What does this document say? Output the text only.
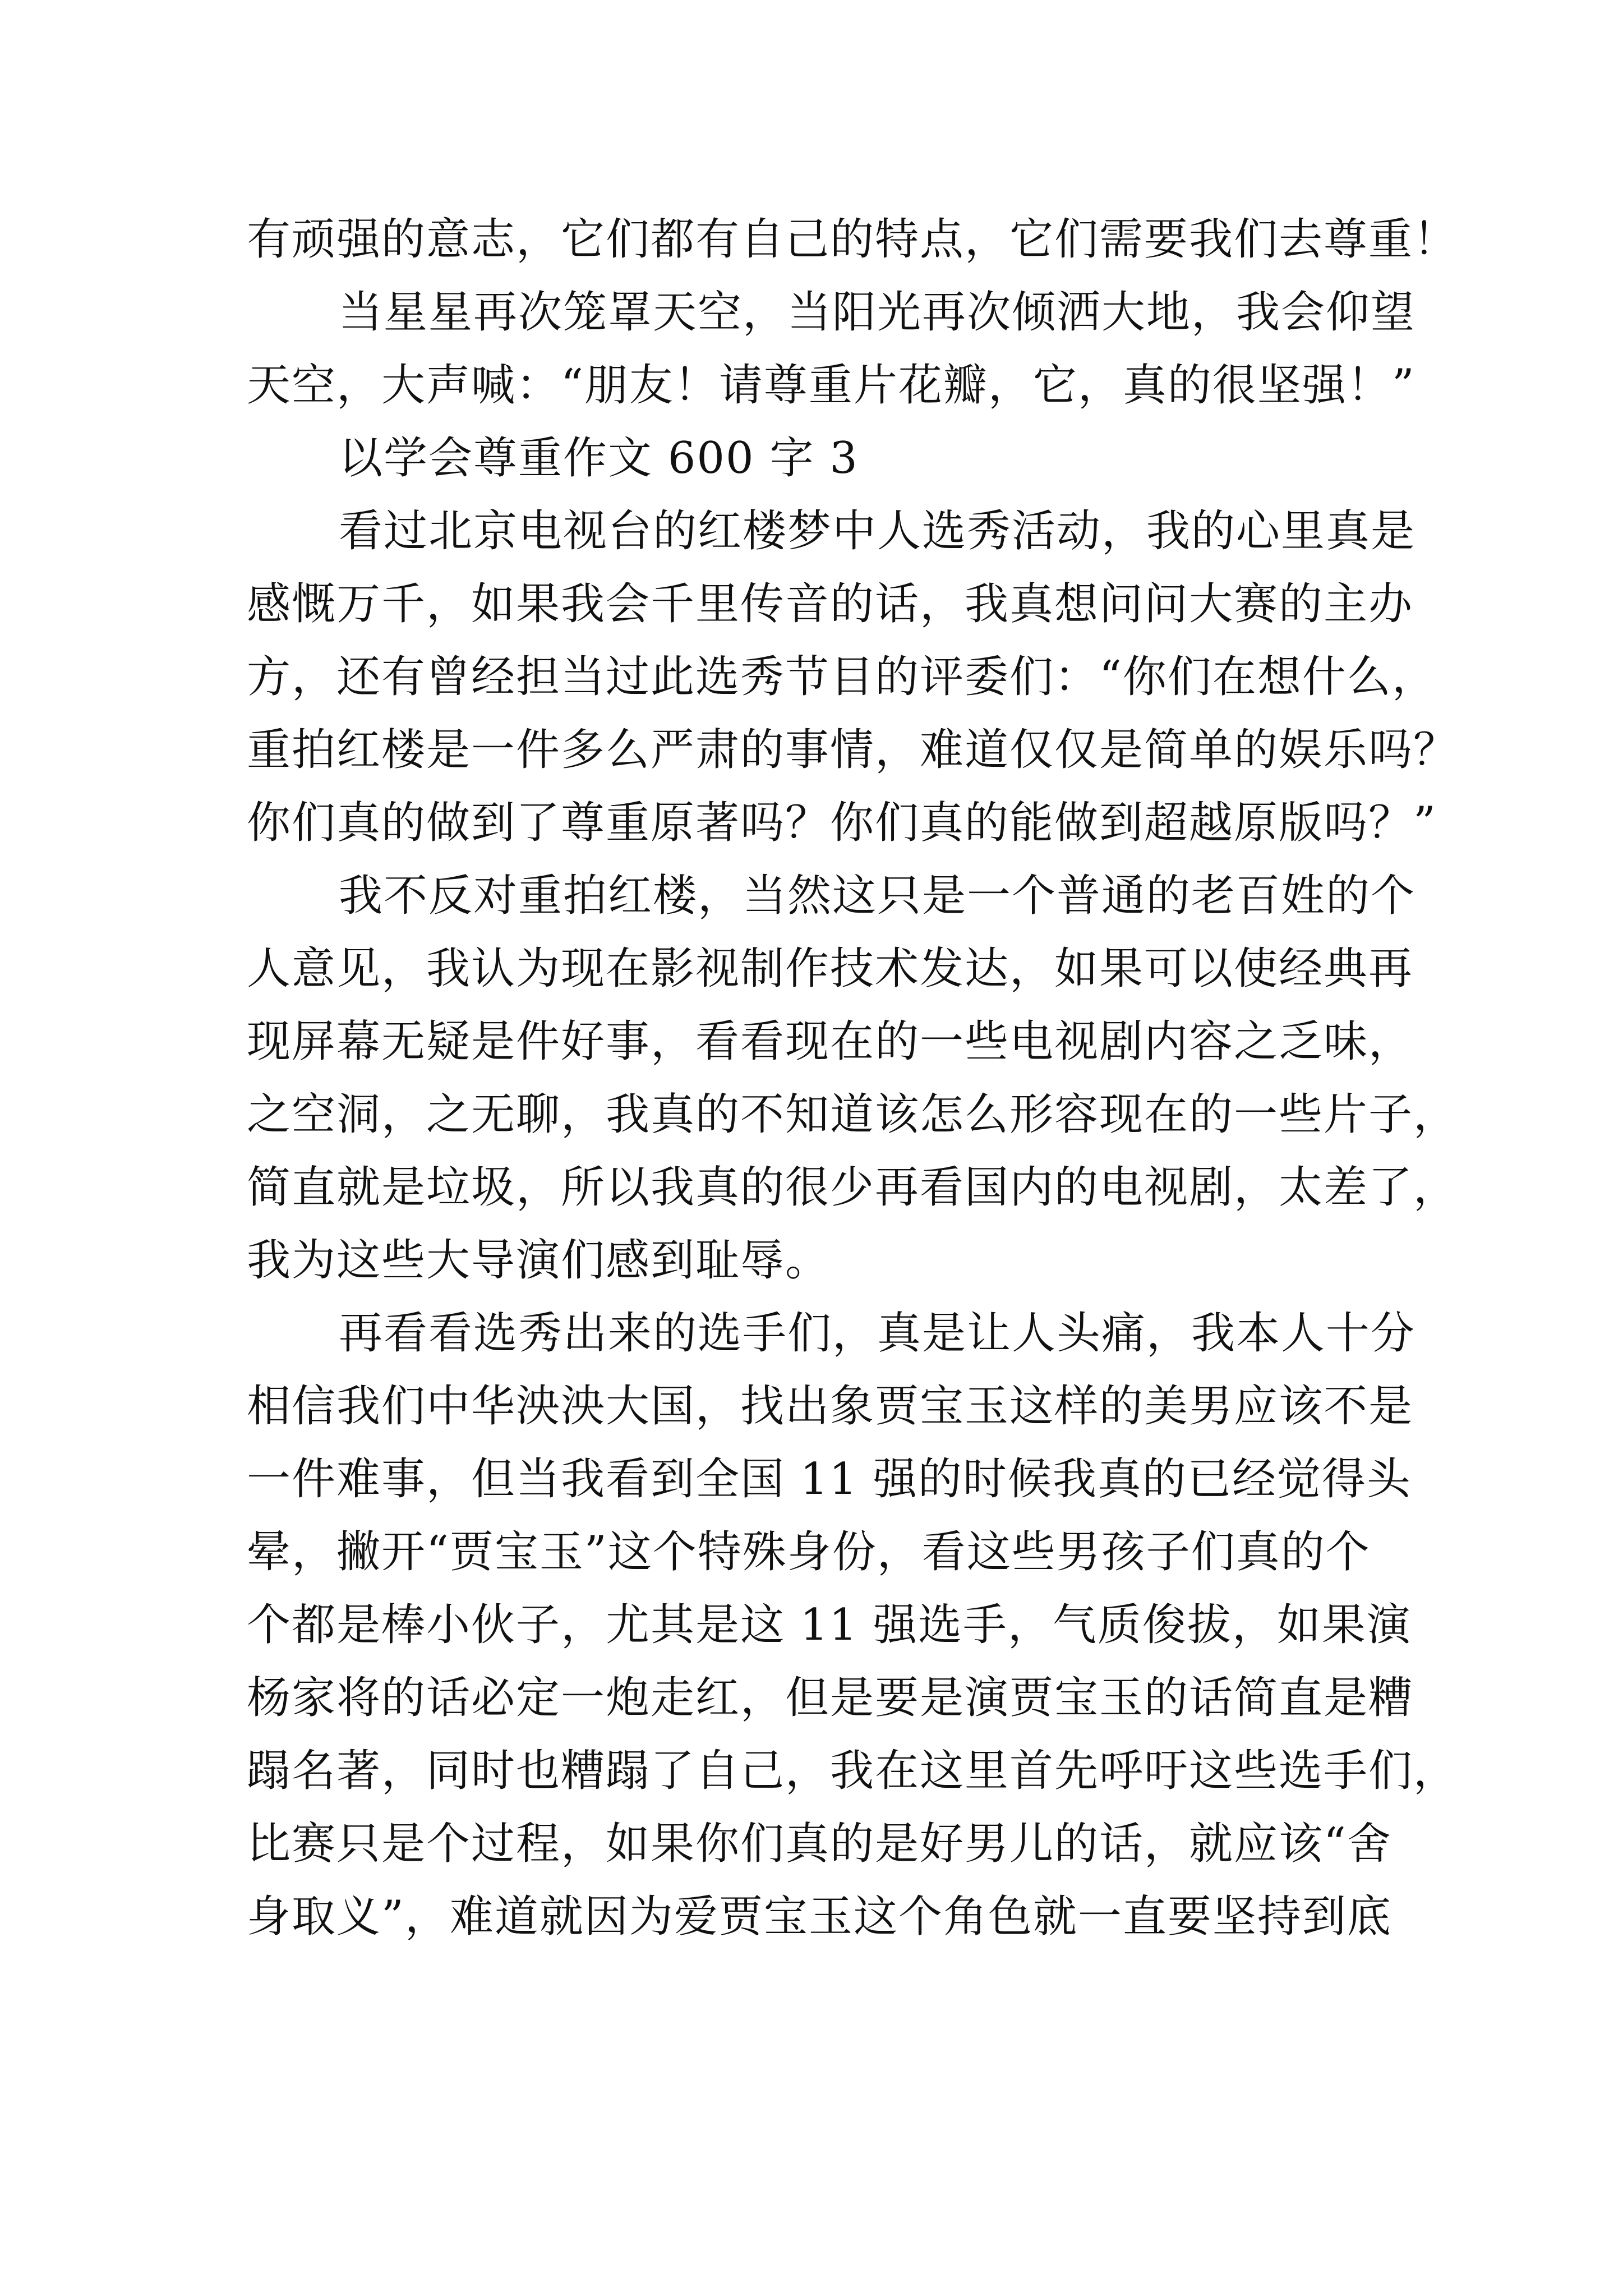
有顽强的意志，它们都有自己的特点，它们需要我们去尊重！
当星星再次笼罩天空，当阳光再次倾洒大地，我会仰望
天空，大声喊：“朋友！请尊重片花瓣，它，真的很坚强！”
以学会尊重作文 600 字 3
看过北京电视台的红楼梦中人选秀活动，我的心里真是
感慨万千，如果我会千里传音的话，我真想问问大赛的主办
方，还有曾经担当过此选秀节目的评委们：“你们在想什么，
重拍红楼是一件多么严肃的事情，难道仅仅是简单的娱乐吗？
你们真的做到了尊重原著吗？你们真的能做到超越原版吗？”
我不反对重拍红楼，当然这只是一个普通的老百姓的个
人意见，我认为现在影视制作技术发达，如果可以使经典再
现屏幕无疑是件好事，看看现在的一些电视剧内容之乏味，
之空洞，之无聊，我真的不知道该怎么形容现在的一些片子，
简直就是垃圾，所以我真的很少再看国内的电视剧，太差了，
我为这些大导演们感到耻辱。
再看看选秀出来的选手们，真是让人头痛，我本人十分
相信我们中华泱泱大国，找出象贾宝玉这样的美男应该不是
一件难事，但当我看到全国 11 强的时候我真的已经觉得头
晕，撇开“贾宝玉”这个特殊身份，看这些男孩子们真的个
个都是棒小伙子，尤其是这 11 强选手，气质俊拔，如果演
杨家将的话必定一炮走红，但是要是演贾宝玉的话简直是糟
蹋名著，同时也糟蹋了自己，我在这里首先呼吁这些选手们，
比赛只是个过程，如果你们真的是好男儿的话，就应该“舍
身取义”，难道就因为爱贾宝玉这个角色就一直要坚持到底
